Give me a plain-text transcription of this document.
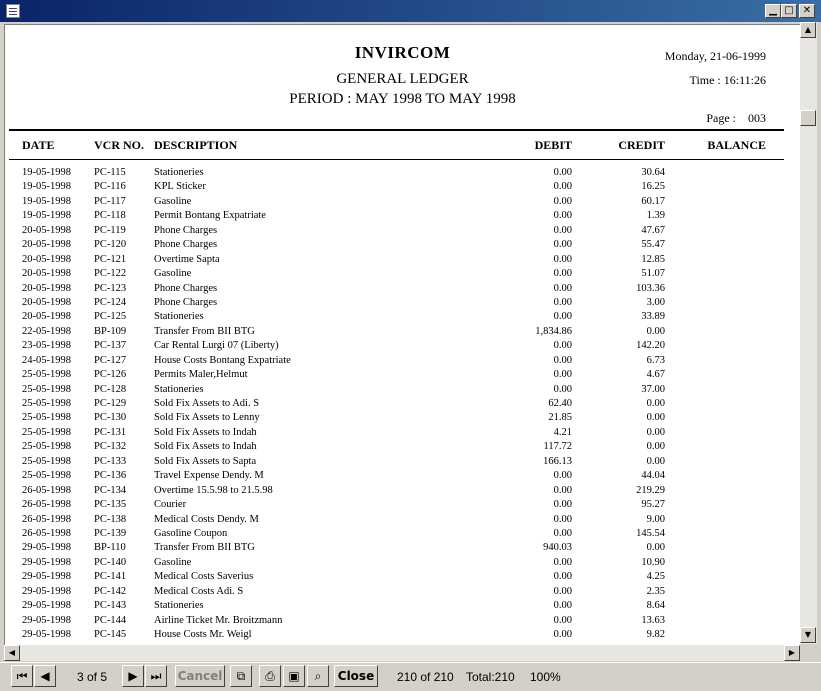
▁ □ ✕
INVIRCOM
GENERAL LEDGER
PERIOD : MAY 1998 TO MAY 1998
Monday, 21-06-1999
Time : 16:11:26
Page : 003
DATE	VCR NO. DESCRIPTION	DEBIT	CREDIT	BALANCE
19-05-1998 PC-115	Stationeries	0.00	30.64
19-05-1998 PC-116	KPL Sticker	0.00	16.25
19-05-1998 PC-117	Gasoline	0.00	60.17
19-05-1998 PC-118	Permit Bontang Expatriate	0.00	1.39
20-05-1998 PC-119	Phone Charges	0.00	47.67
20-05-1998 PC-120	Phone Charges	0.00	55.47
20-05-1998 PC-121	Overtime Sapta	0.00	12.85
20-05-1998 PC-122	Gasoline	0.00	51.07
20-05-1998 PC-123	Phone Charges	0.00	103.36
20-05-1998 PC-124	Phone Charges	0.00	3.00
20-05-1998 PC-125	Stationeries	0.00	33.89
22-05-1998 BP-109	Transfer From BII BTG	1,834.86	0.00
23-05-1998 PC-137	Car Rental Lurgi 07 (Liberty)	0.00	142.20
24-05-1998 PC-127	House Costs Bontang Expatriate	0.00	6.73
25-05-1998 PC-126	Permits Maler,Helmut	0.00	4.67
25-05-1998 PC-128	Stationeries	0.00	37.00
25-05-1998 PC-129	Sold Fix Assets to Adi. S	62.40	0.00
25-05-1998 PC-130	Sold Fix Assets to Lenny	21.85	0.00
25-05-1998 PC-131	Sold Fix Assets to Indah	4.21	0.00
25-05-1998 PC-132	Sold Fix Assets to Indah	117.72	0.00
25-05-1998 PC-133	Sold Fix Assets to Sapta	166.13	0.00
25-05-1998 PC-136	Travel Expense Dendy. M	0.00	44.04
26-05-1998 PC-134	Overtime 15.5.98 to 21.5.98	0.00	219.29
26-05-1998 PC-135	Courier	0.00	95.27
26-05-1998 PC-138	Medical Costs Dendy. M	0.00	9.00
26-05-1998 PC-139	Gasoline Coupon	0.00	145.54
29-05-1998 BP-110	Transfer From BII BTG	940.03	0.00
29-05-1998 PC-140	Gasoline	0.00	10.90
29-05-1998 PC-141	Medical Costs Saverius	0.00	4.25
29-05-1998 PC-142	Medical Costs Adi. S	0.00	2.35
29-05-1998 PC-143	Stationeries	0.00	8.64
29-05-1998 PC-144	Airline Ticket Mr. Broitzmann	0.00	13.63
29-05-1998 PC-145	House Costs Mr. Weigl	0.00	9.82
▲
▼
◀	▶
⏮	◀	3 of 5	▶	⏭	Cancel	⧉	⎙	▣	⌕	Close	210 of 210 Total:210 100%
